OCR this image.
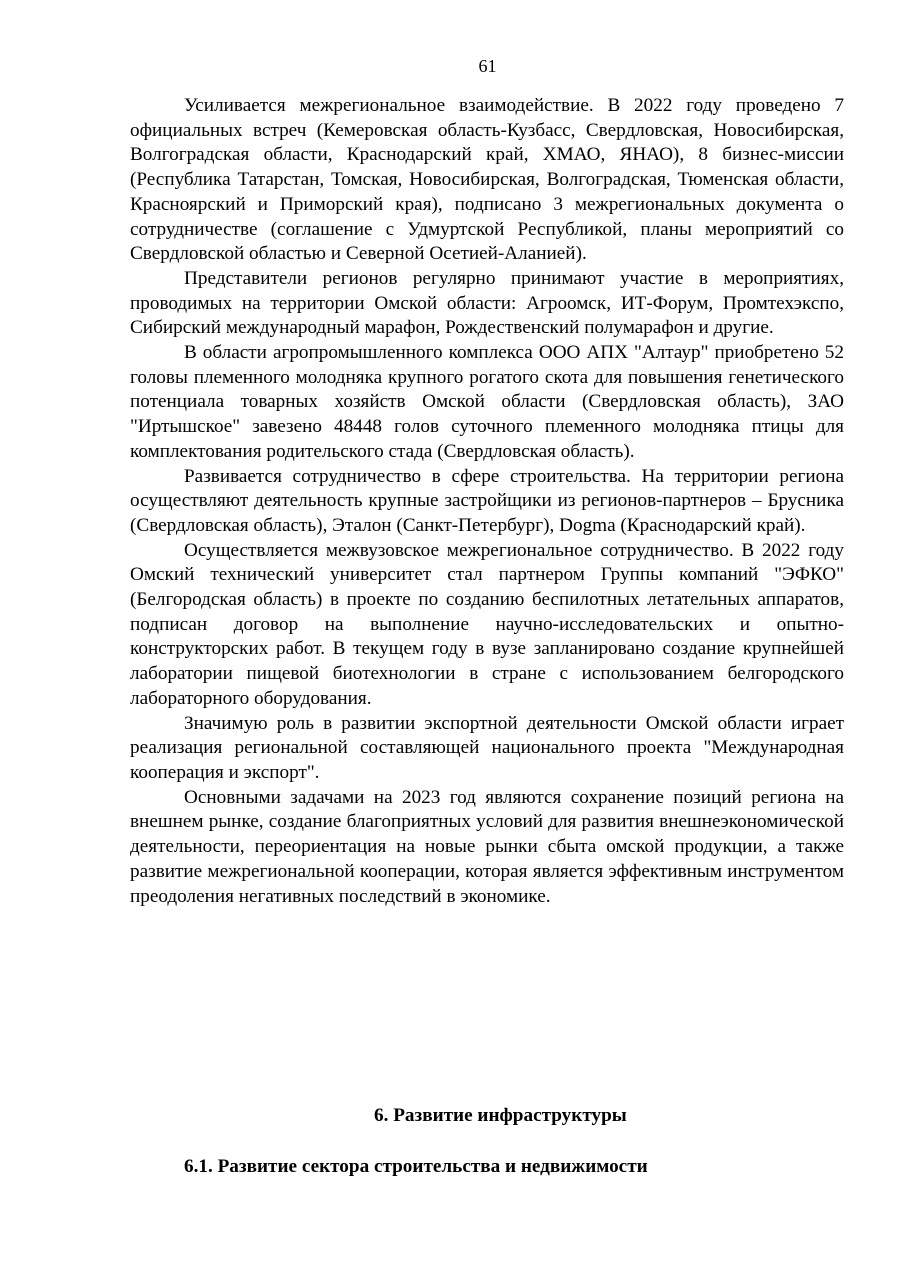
61

Усиливается межрегиональное взаимодействие. В 2022 году проведено 7 официальных встреч (Кемеровская область-Кузбасс, Свердловская, Новосибирская, Волгоградская области, Краснодарский край, ХМАО, ЯНАО), 8 бизнес-миссии (Республика Татарстан, Томская, Новосибирская, Волгоградская, Тюменская области, Красноярский и Приморский края), подписано 3 межрегиональных документа о сотрудничестве (соглашение с Удмуртской Республикой, планы мероприятий со Свердловской областью и Северной Осетией-Аланией).

Представители регионов регулярно принимают участие в мероприятиях, проводимых на территории Омской области: Агроомск, ИТ-Форум, Промтехэкспо, Сибирский международный марафон, Рождественский полумарафон и другие.

В области агропромышленного комплекса ООО АПХ "Алтаур" приобретено 52 головы племенного молодняка крупного рогатого скота для повышения генетического потенциала товарных хозяйств Омской области (Свердловская область), ЗАО "Иртышское" завезено 48448 голов суточного племенного молодняка птицы для комплектования родительского стада (Свердловская область).

Развивается сотрудничество в сфере строительства. На территории региона осуществляют деятельность крупные застройщики из регионов-партнеров – Брусника (Свердловская область), Эталон (Санкт-Петербург), Dogma (Краснодарский край).

Осуществляется межвузовское межрегиональное сотрудничество. В 2022 году Омский технический университет стал партнером Группы компаний "ЭФКО" (Белгородская область) в проекте по созданию беспилотных летательных аппаратов, подписан договор на выполнение научно-исследовательских и опытно-конструкторских работ. В текущем году в вузе запланировано создание крупнейшей лаборатории пищевой биотехнологии в стране с использованием белгородского лабораторного оборудования.

Значимую роль в развитии экспортной деятельности Омской области играет реализация региональной составляющей национального проекта "Международная кооперация и экспорт".

Основными задачами на 2023 год являются сохранение позиций региона на внешнем рынке, создание благоприятных условий для развития внешнеэкономической деятельности, переориентация на новые рынки сбыта омской продукции, а также развитие межрегиональной кооперации, которая является эффективным инструментом преодоления негативных последствий в экономике.

6. Развитие инфраструктуры
6.1. Развитие сектора строительства и недвижимости
